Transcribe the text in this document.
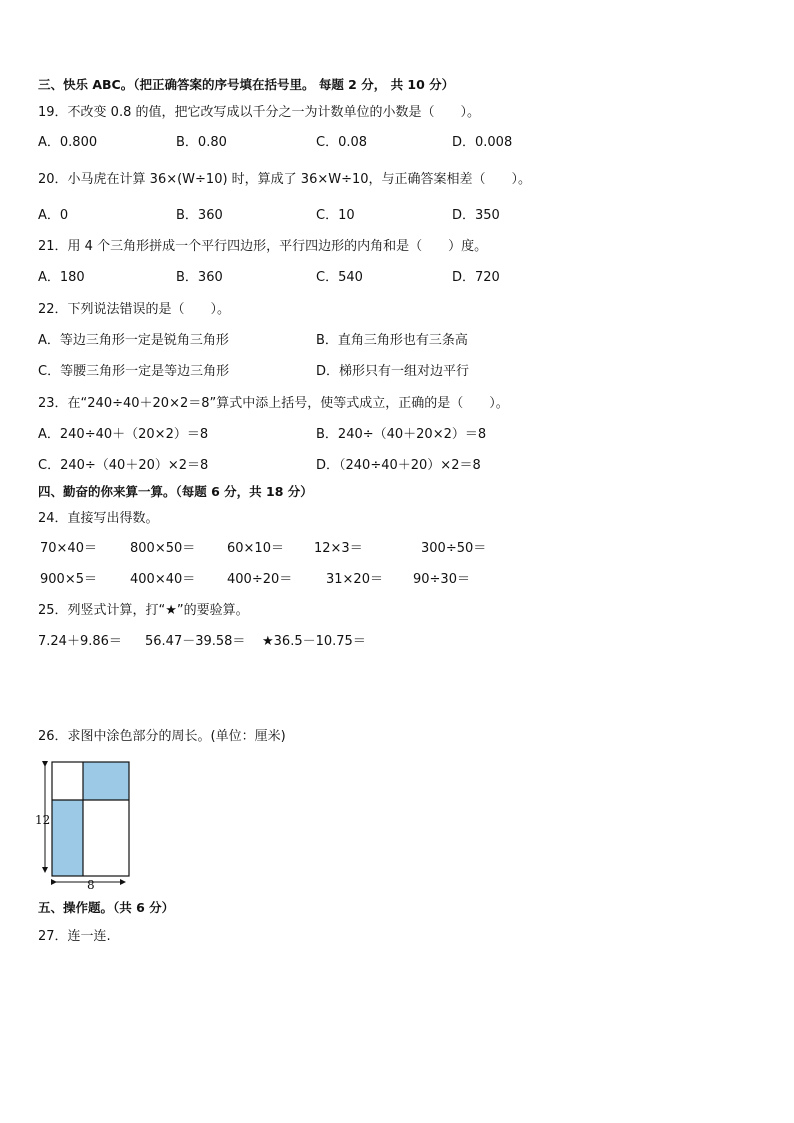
三、快乐 ABC。（把正确答案的序号填在括号里。 每题 2 分， 共 10 分）
19．不改变 0.8 的值，把它改写成以千分之一为计数单位的小数是（　　）。
A．0.800	B．0.80	C．0.08	D．0.008
20．小马虎在计算 36×(W÷10) 时，算成了 36×W÷10，与正确答案相差（　　）。
A．0	B．360	C．10	D．350
21．用 4 个三角形拼成一个平行四边形，平行四边形的内角和是（　　）度。
A．180	B．360	C．540	D．720
22．下列说法错误的是（　　）。
A．等边三角形一定是锐角三角形	B．直角三角形也有三条高
C．等腰三角形一定是等边三角形	D．梯形只有一组对边平行
23．在“240÷40＋20×2＝8”算式中添上括号，使等式成立，正确的是（　　）。
A．240÷40＋（20×2）＝8	B．240÷（40＋20×2）＝8
C．240÷（40＋20）×2＝8	D．（240÷40＋20）×2＝8
四、勤奋的你来算一算。（每题 6 分，共 18 分）
24．直接写出得数。
70×40＝	800×50＝ 60×10＝ 12×3＝	300÷50＝
900×5＝	400×40＝ 400÷20＝	31×20＝ 90÷30＝
25．列竖式计算，打“★”的要验算。
7.24＋9.86＝ 56.47－39.58＝ ★36.5－10.75＝
26．求图中涂色部分的周长。(单位：厘米)
12
8
五、操作题。（共 6 分）
27．连一连.
